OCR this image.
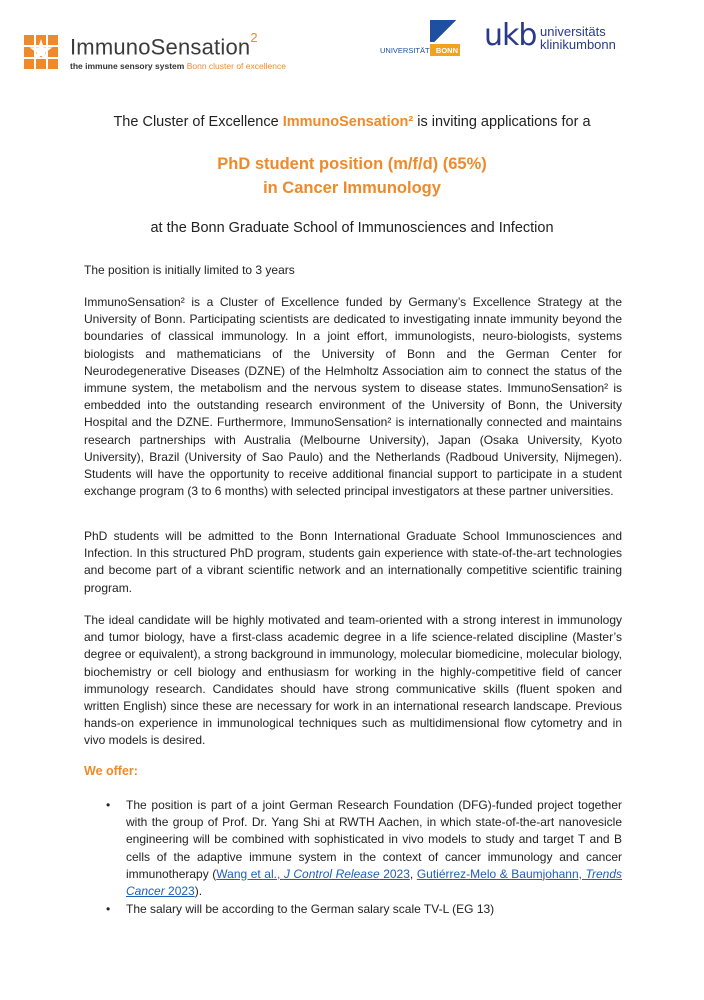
ImmunoSensation$^2$
the immune sensory system Bonn cluster of excellence
UNIVERSITÄT BONN ukb universitäts
klinikumbonn
The Cluster of Excellence ImmunoSensation² is inviting applications for a
PhD student position (m/f/d) (65%)
in Cancer Immunology
at the Bonn Graduate School of Immunosciences and Infection

The position is initially limited to 3 years

ImmunoSensation² is a Cluster of Excellence funded by Germany’s Excellence Strategy at the University of Bonn. Participating scientists are dedicated to investigating innate immunity beyond the boundaries of classical immunology. In a joint effort, immunologists, neuro-biologists, systems biologists and mathematicians of the University of Bonn and the German Center for Neurodegenerative Diseases (DZNE) of the Helmholtz Association aim to connect the status of the immune system, the metabolism and the nervous system to disease states. ImmunoSensation² is embedded into the outstanding research environment of the University of Bonn, the University Hospital and the DZNE. Furthermore, ImmunoSensation² is internationally connected and maintains research partnerships with Australia (Melbourne University), Japan (Osaka University, Kyoto University), Brazil (University of Sao Paulo) and the Netherlands (Radboud University, Nijmegen). Students will have the opportunity to receive additional financial support to participate in a student exchange program (3 to 6 months) with selected principal investigators at these partner universities.

PhD students will be admitted to the Bonn International Graduate School Immunosciences and Infection. In this structured PhD program, students gain experience with state-of-the-art technologies and become part of a vibrant scientific network and an internationally competitive scientific training program.

The ideal candidate will be highly motivated and team-oriented with a strong interest in immunology and tumor biology, have a first-class academic degree in a life science-related discipline (Master’s degree or equivalent), a strong background in immunology, molecular biomedicine, molecular biology, biochemistry or cell biology and enthusiasm for working in the highly-competitive field of cancer immunology research. Candidates should have strong communicative skills (fluent spoken and written English) since these are necessary for work in an international research landscape. Previous hands-on experience in immunological techniques such as multidimensional flow cytometry and in vivo models is desired.

We offer:
• The position is part of a joint German Research Foundation (DFG)-funded project together with the group of Prof. Dr. Yang Shi at RWTH Aachen, in which state-of-the-art nanovesicle engineering will be combined with sophisticated in vivo models to study and target T and B cells of the adaptive immune system in the context of cancer immunology and cancer immunotherapy (Wang et al., J Control Release 2023, Gutiérrez-Melo & Baumjohann, Trends Cancer 2023).
• The salary will be according to the German salary scale TV-L (EG 13)
